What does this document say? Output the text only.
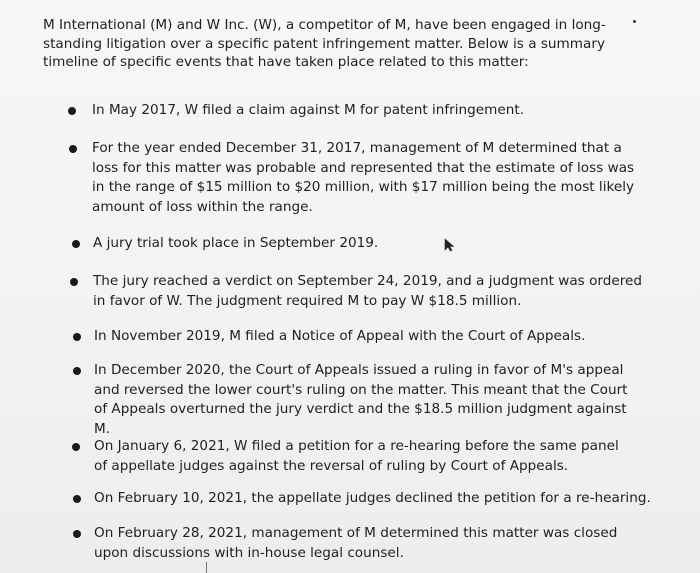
M International (M) and W Inc. (W), a competitor of M, have been engaged in long-standing litigation over a specific patent infringement matter. Below is a summary timeline of specific events that have taken place related to this matter:

In May 2017, W filed a claim against M for patent infringement.
For the year ended December 31, 2017, management of M determined that a loss for this matter was probable and represented that the estimate of loss was in the range of $15 million to $20 million, with $17 million being the most likely amount of loss within the range.
A jury trial took place in September 2019.
The jury reached a verdict on September 24, 2019, and a judgment was ordered in favor of W. The judgment required M to pay W $18.5 million.
In November 2019, M filed a Notice of Appeal with the Court of Appeals.
In December 2020, the Court of Appeals issued a ruling in favor of M's appeal and reversed the lower court's ruling on the matter. This meant that the Court of Appeals overturned the jury verdict and the $18.5 million judgment against M.
On January 6, 2021, W filed a petition for a re-hearing before the same panel of appellate judges against the reversal of ruling by Court of Appeals.
On February 10, 2021, the appellate judges declined the petition for a re-hearing.
On February 28, 2021, management of M determined this matter was closed upon discussions with in-house legal counsel.
